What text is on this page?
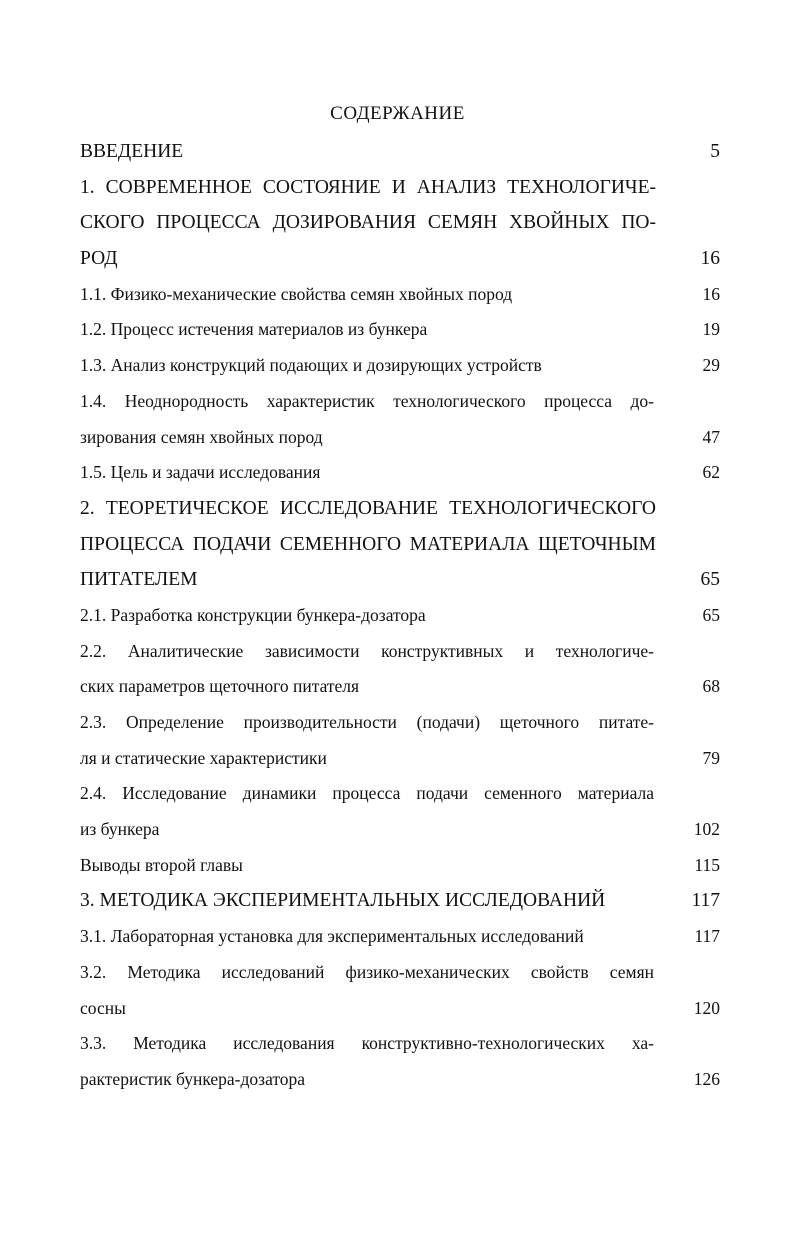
СОДЕРЖАНИЕ
ВВЕДЕНИЕ	5
1. СОВРЕМЕННОЕ СОСТОЯНИЕ И АНАЛИЗ ТЕХНОЛОГИЧЕ-
СКОГО ПРОЦЕССА ДОЗИРОВАНИЯ СЕМЯН ХВОЙНЫХ ПО-
РОД	16
1.1. Физико-механические свойства семян хвойных пород	16
1.2. Процесс истечения материалов из бункера	19
1.3. Анализ конструкций подающих и дозирующих устройств	29
1.4. Неоднородность характеристик технологического процесса до-
зирования семян хвойных пород	47
1.5. Цель и задачи исследования	62
2. ТЕОРЕТИЧЕСКОЕ ИССЛЕДОВАНИЕ ТЕХНОЛОГИЧЕСКОГО
ПРОЦЕССА ПОДАЧИ СЕМЕННОГО МАТЕРИАЛА ЩЕТОЧНЫМ
ПИТАТЕЛЕМ	65
2.1. Разработка конструкции бункера-дозатора	65
2.2. Аналитические зависимости конструктивных и технологиче-
ских параметров щеточного питателя	68
2.3. Определение производительности (подачи) щеточного питате-
ля и статические характеристики	79
2.4. Исследование динамики процесса подачи семенного материала
из бункера	102
Выводы второй главы	115
3. МЕТОДИКА ЭКСПЕРИМЕНТАЛЬНЫХ ИССЛЕДОВАНИЙ	117
3.1. Лабораторная установка для экспериментальных исследований	117
3.2. Методика исследований физико-механических свойств семян
сосны	120
3.3. Методика исследования конструктивно-технологических ха-
рактеристик бункера-дозатора	126
